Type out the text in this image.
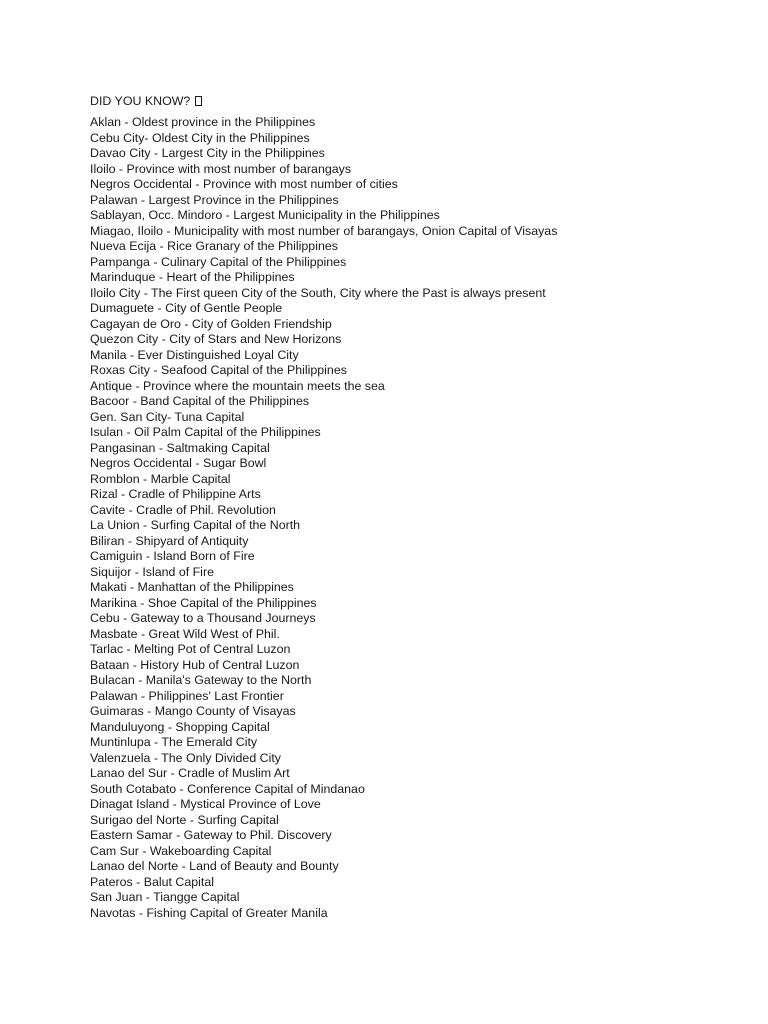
DID YOU KNOW?
Aklan - Oldest province in the Philippines
Cebu City- Oldest City in the Philippines
Davao City - Largest City in the Philippines
Iloilo - Province with most number of barangays
Negros Occidental - Province with most number of cities
Palawan - Largest Province in the Philippines
Sablayan, Occ. Mindoro - Largest Municipality in the Philippines
Miagao, Iloilo - Municipality with most number of barangays, Onion Capital of Visayas
Nueva Ecija - Rice Granary of the Philippines
Pampanga - Culinary Capital of the Philippines
Marinduque - Heart of the Philippines
Iloilo City - The First queen City of the South, City where the Past is always present
Dumaguete - City of Gentle People
Cagayan de Oro - City of Golden Friendship
Quezon City - City of Stars and New Horizons
Manila - Ever Distinguished Loyal City
Roxas City - Seafood Capital of the Philippines
Antique - Province where the mountain meets the sea
Bacoor - Band Capital of the Philippines
Gen. San City- Tuna Capital
Isulan - Oil Palm Capital of the Philippines
Pangasinan - Saltmaking Capital
Negros Occidental - Sugar Bowl
Romblon - Marble Capital
Rizal - Cradle of Philippine Arts
Cavite - Cradle of Phil. Revolution
La Union - Surfing Capital of the North
Biliran - Shipyard of Antiquity
Camiguin - Island Born of Fire
Siquijor - Island of Fire
Makati - Manhattan of the Philippines
Marikina - Shoe Capital of the Philippines
Cebu - Gateway to a Thousand Journeys
Masbate - Great Wild West of Phil.
Tarlac - Melting Pot of Central Luzon
Bataan - History Hub of Central Luzon
Bulacan - Manila's Gateway to the North
Palawan - Philippines' Last Frontier
Guimaras - Mango County of Visayas
Manduluyong - Shopping Capital
Muntinlupa - The Emerald City
Valenzuela - The Only Divided City
Lanao del Sur - Cradle of Muslim Art
South Cotabato - Conference Capital of Mindanao
Dinagat Island - Mystical Province of Love
Surigao del Norte - Surfing Capital
Eastern Samar - Gateway to Phil. Discovery
Cam Sur - Wakeboarding Capital
Lanao del Norte - Land of Beauty and Bounty
Pateros - Balut Capital
San Juan - Tiangge Capital
Navotas - Fishing Capital of Greater Manila
